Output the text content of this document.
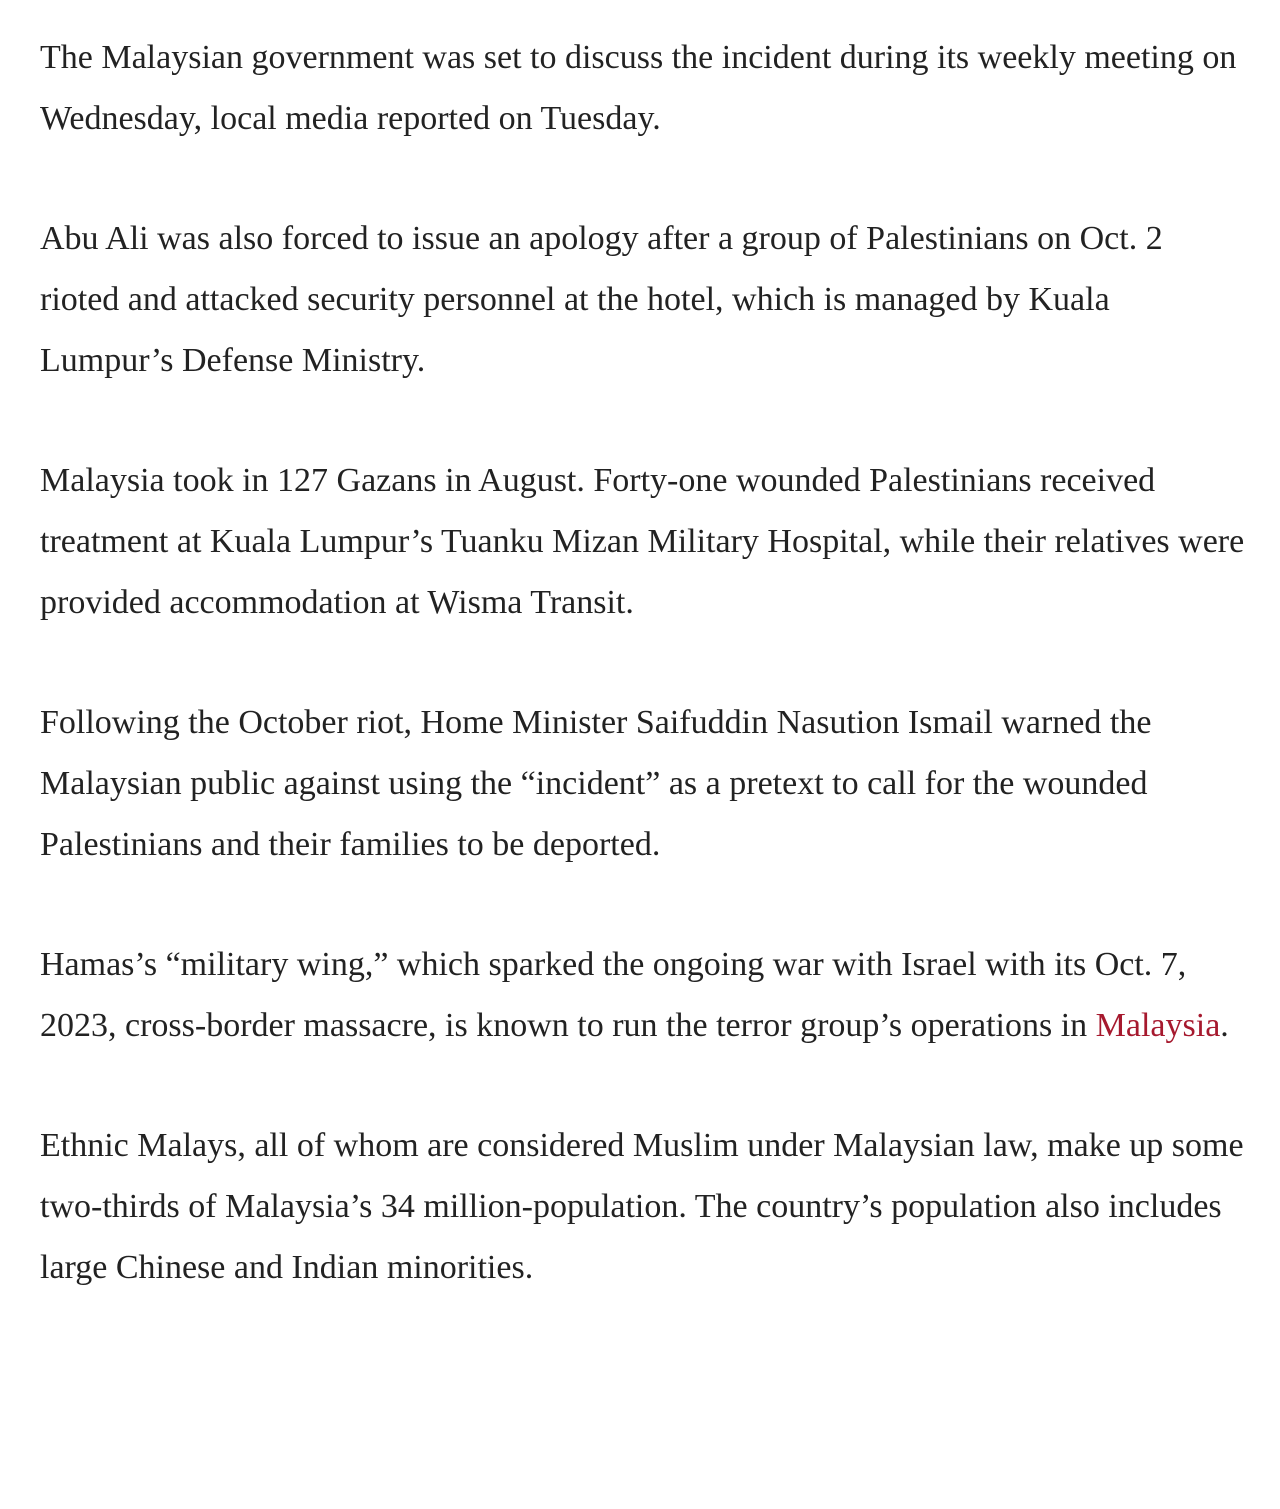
The Malaysian government was set to discuss the incident during its weekly meeting on Wednesday, local media reported on Tuesday.

Abu Ali was also forced to issue an apology after a group of Palestinians on Oct. 2 rioted and attacked security personnel at the hotel, which is managed by Kuala Lumpur’s Defense Ministry.

Malaysia took in 127 Gazans in August. Forty-one wounded Palestinians received treatment at Kuala Lumpur’s Tuanku Mizan Military Hospital, while their relatives were provided accommodation at Wisma Transit.

Following the October riot, Home Minister Saifuddin Nasution Ismail warned the Malaysian public against using the “incident” as a pretext to call for the wounded Palestinians and their families to be deported.

Hamas’s “military wing,” which sparked the ongoing war with Israel with its Oct. 7, 2023, cross-border massacre, is known to run the terror group’s operations in Malaysia.

Ethnic Malays, all of whom are considered Muslim under Malaysian law, make up some two-thirds of Malaysia’s 34 million-population. The country’s population also includes large Chinese and Indian minorities.
